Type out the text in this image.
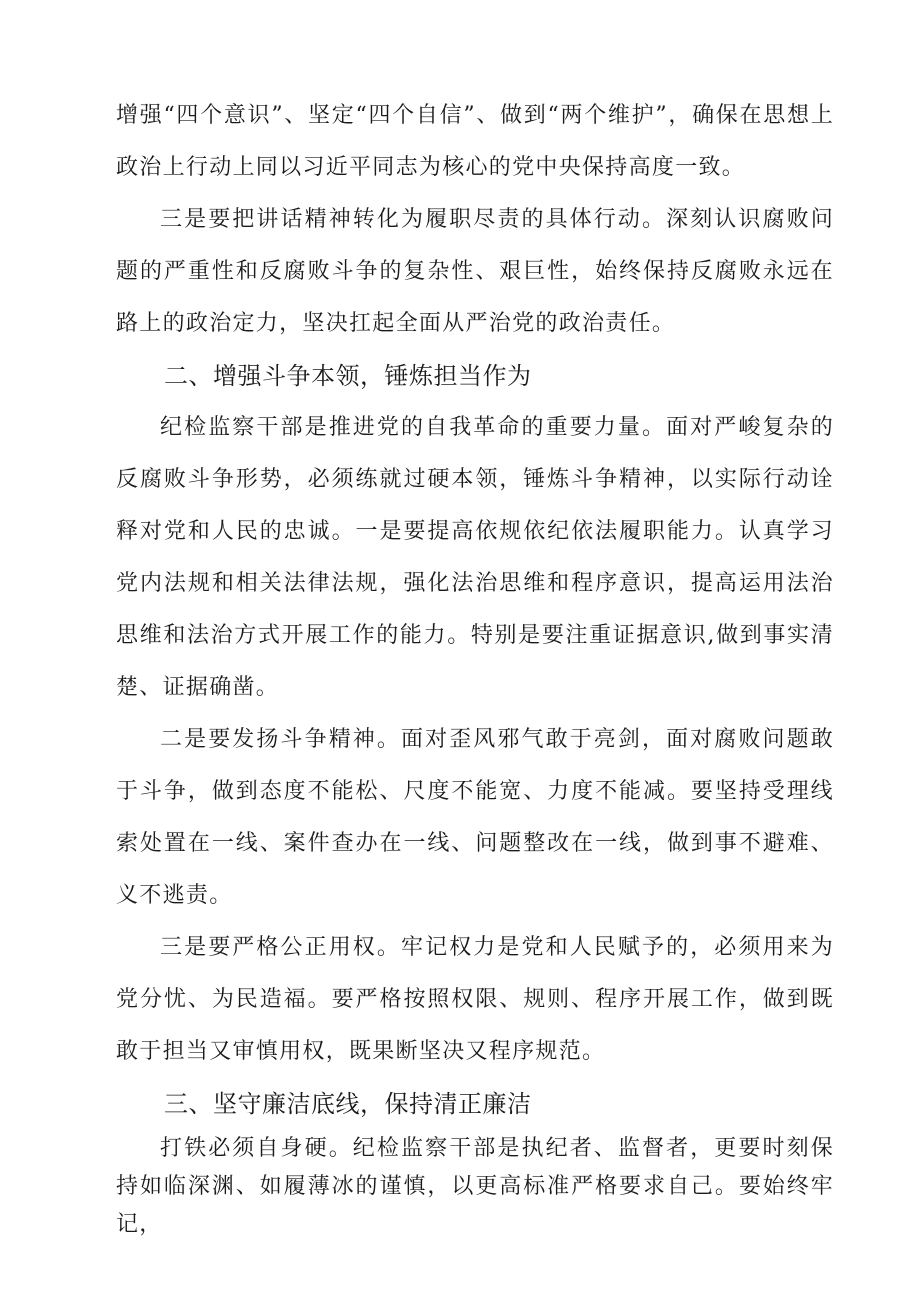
增强“四个意识”、坚定“四个自信”、做到“两个维护”，确保在思想上政治上行动上同以习近平同志为核心的党中央保持高度一致。

三是要把讲话精神转化为履职尽责的具体行动。深刻认识腐败问题的严重性和反腐败斗争的复杂性、艰巨性，始终保持反腐败永远在路上的政治定力，坚决扛起全面从严治党的政治责任。

二、增强斗争本领，锤炼担当作为

纪检监察干部是推进党的自我革命的重要力量。面对严峻复杂的反腐败斗争形势，必须练就过硬本领，锤炼斗争精神，以实际行动诠释对党和人民的忠诚。一是要提高依规依纪依法履职能力。认真学习党内法规和相关法律法规，强化法治思维和程序意识，提高运用法治思维和法治方式开展工作的能力。特别是要注重证据意识,做到事实清楚、证据确凿。

二是要发扬斗争精神。面对歪风邪气敢于亮剑，面对腐败问题敢于斗争，做到态度不能松、尺度不能宽、力度不能减。要坚持受理线索处置在一线、案件查办在一线、问题整改在一线，做到事不避难、义不逃责。

三是要严格公正用权。牢记权力是党和人民赋予的，必须用来为党分忧、为民造福。要严格按照权限、规则、程序开展工作，做到既敢于担当又审慎用权，既果断坚决又程序规范。

三、坚守廉洁底线，保持清正廉洁

打铁必须自身硬。纪检监察干部是执纪者、监督者，更要时刻保持如临深渊、如履薄冰的谨慎，以更高标准严格要求自己。要始终牢记，
